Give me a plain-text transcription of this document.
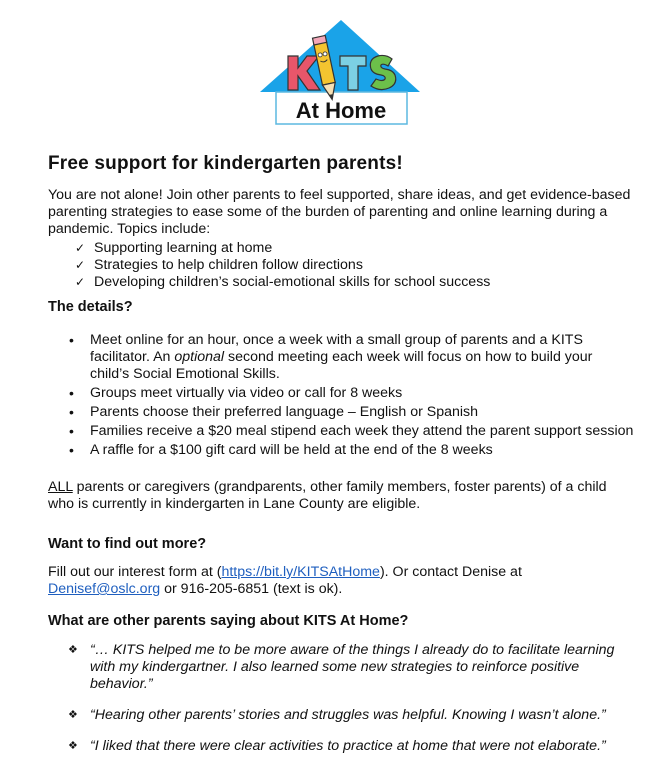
At Home
Free support for kindergarten parents!
You are not alone! Join other parents to feel supported, share ideas, and get evidence-based
parenting strategies to ease some of the burden of parenting and online learning during a
pandemic. Topics include:
✓ Supporting learning at home
✓ Strategies to help children follow directions
✓ Developing children’s social-emotional skills for school success
The details?
• Meet online for an hour, once a week with a small group of parents and a KITS
facilitator. An optional second meeting each week will focus on how to build your
child’s Social Emotional Skills.
• Groups meet virtually via video or call for 8 weeks
• Parents choose their preferred language – English or Spanish
• Families receive a $20 meal stipend each week they attend the parent support session
• A raffle for a $100 gift card will be held at the end of the 8 weeks
ALL parents or caregivers (grandparents, other family members, foster parents) of a child
who is currently in kindergarten in Lane County are eligible.
Want to find out more?
Fill out our interest form at (https://bit.ly/KITSAtHome). Or contact Denise at
Denisef@oslc.org or 916-205-6851 (text is ok).
What are other parents saying about KITS At Home?
❖ “… KITS helped me to be more aware of the things I already do to facilitate learning
with my kindergartner. I also learned some new strategies to reinforce positive
behavior.”
❖ “Hearing other parents’ stories and struggles was helpful. Knowing I wasn’t alone.”
❖ “I liked that there were clear activities to practice at home that were not elaborate.”
